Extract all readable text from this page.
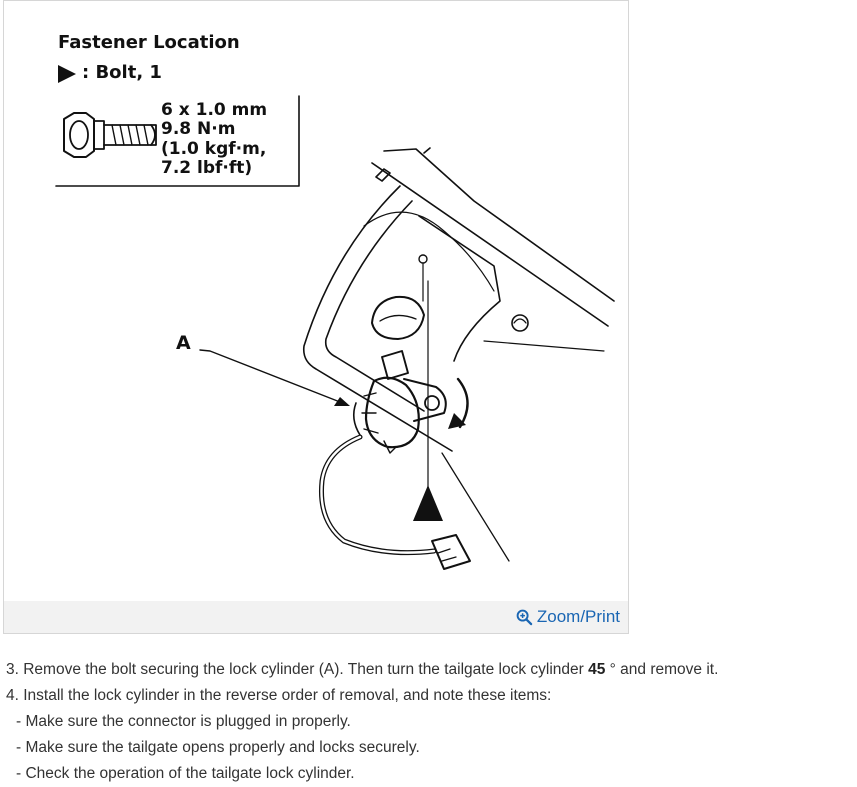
Fastener Location
: Bolt, 1
6 x 1.0 mm
9.8 N·m
(1.0 kgf·m,
7.2 lbf·ft)
A
Zoom/Print

3. Remove the bolt securing the lock cylinder (A). Then turn the tailgate lock cylinder 45 ° and remove it.

4. Install the lock cylinder in the reverse order of removal, and note these items:

- Make sure the connector is plugged in properly.

- Make sure the tailgate opens properly and locks securely.

- Check the operation of the tailgate lock cylinder.
